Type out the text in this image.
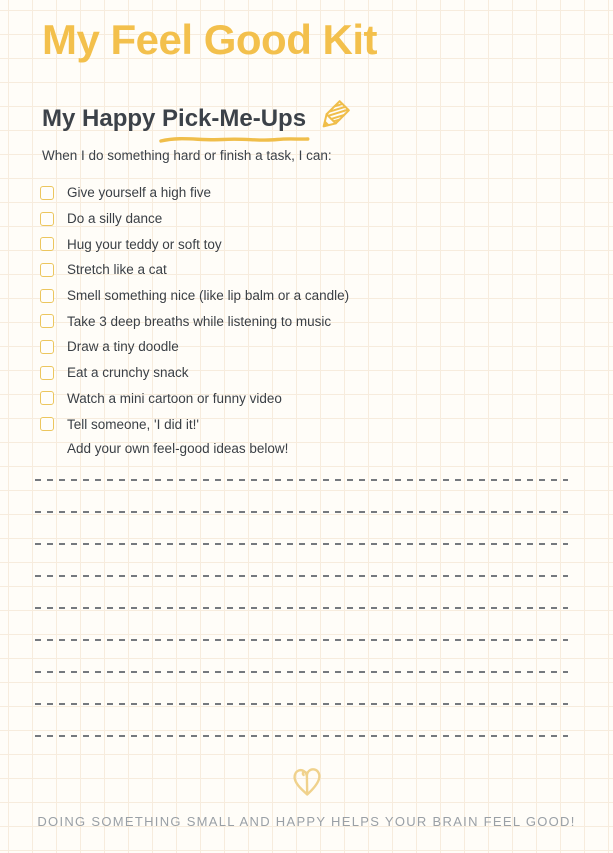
My Feel Good Kit
My Happy Pick-Me-Ups

When I do something hard or finish a task, I can:

Give yourself a high five
Do a silly dance
Hug your teddy or soft toy
Stretch like a cat
Smell something nice (like lip balm or a candle)
Take 3 deep breaths while listening to music
Draw a tiny doodle
Eat a crunchy snack
Watch a mini cartoon or funny video
Tell someone, 'I did it!'

Add your own feel-good ideas below!

DOING SOMETHING SMALL AND HAPPY HELPS YOUR BRAIN FEEL GOOD!
